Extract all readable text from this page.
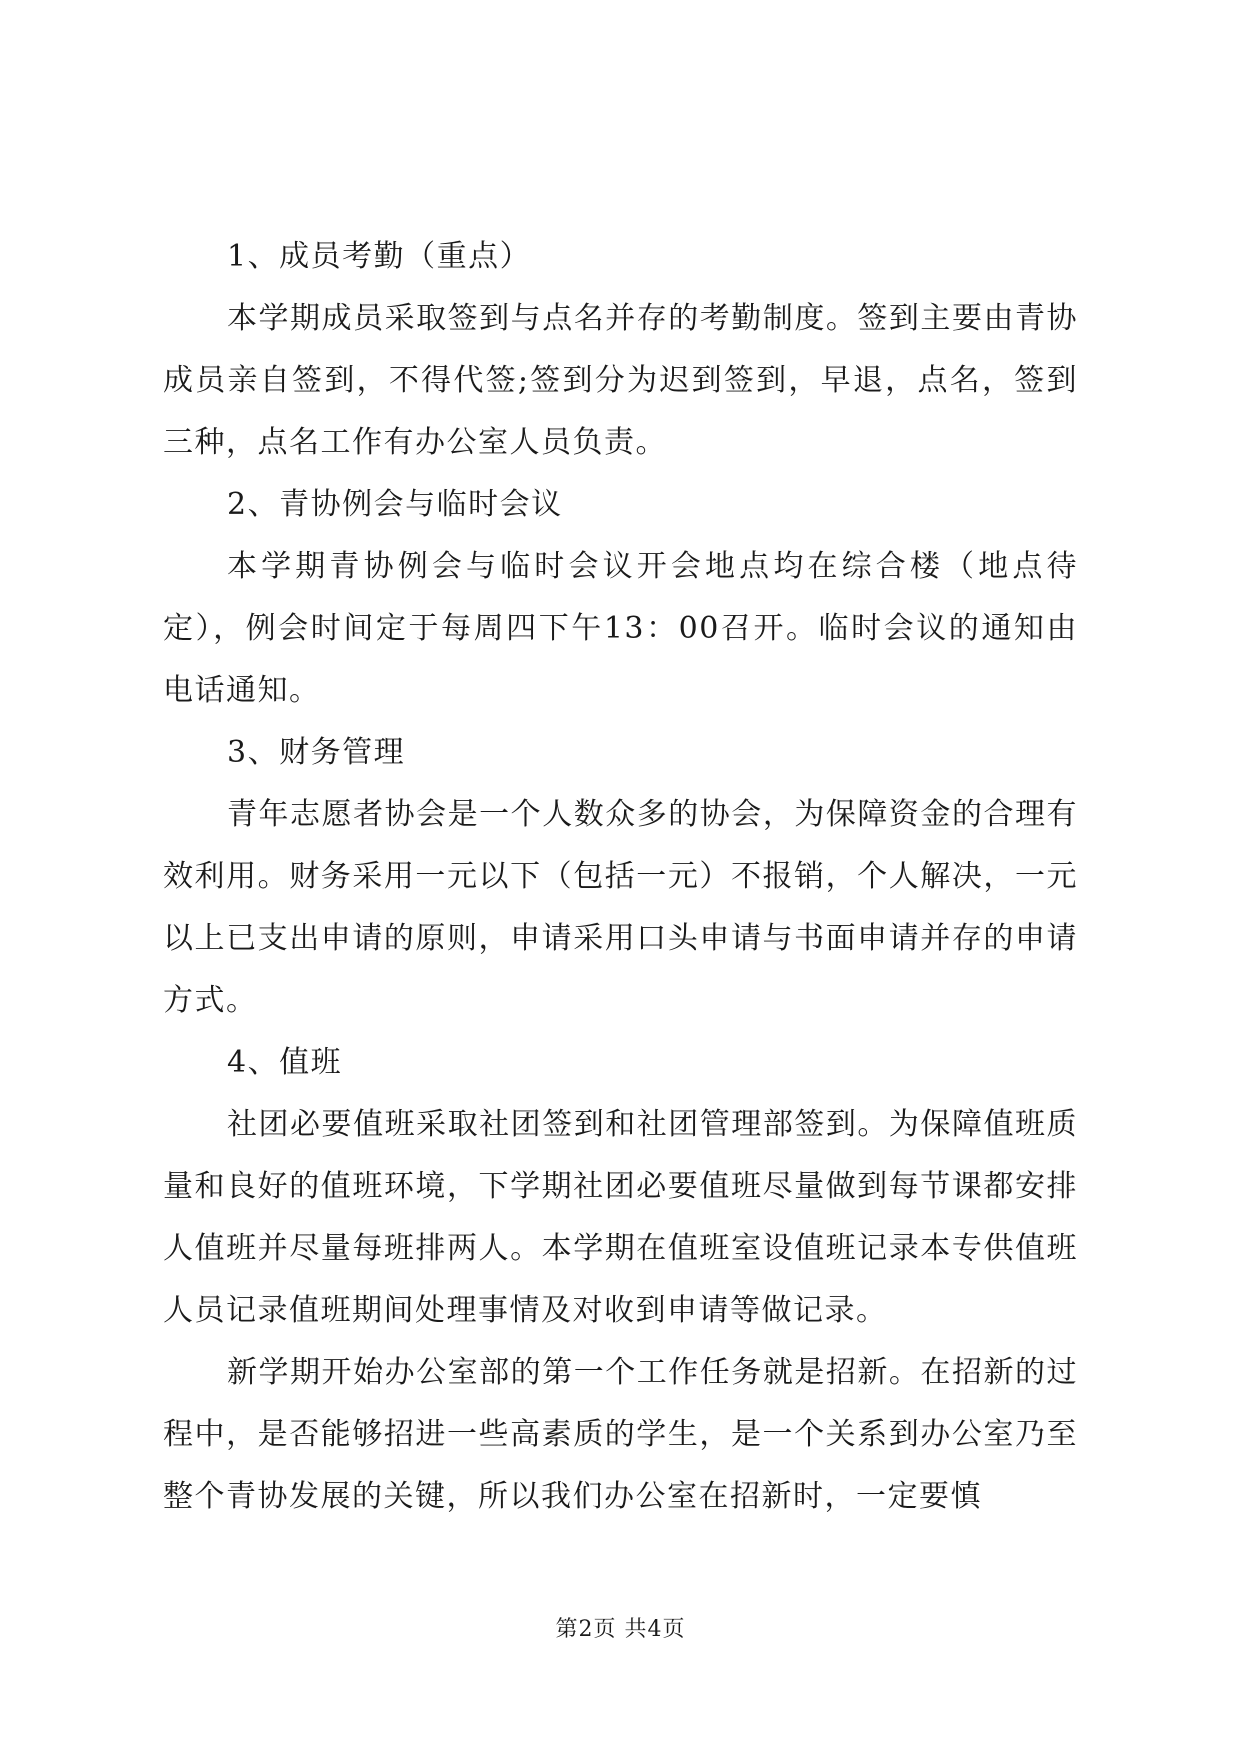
1、成员考勤（重点）

本学期成员采取签到与点名并存的考勤制度。签到主要由青协成员亲自签到，不得代签;签到分为迟到签到，早退，点名，签到三种，点名工作有办公室人员负责。

2、青协例会与临时会议

本学期青协例会与临时会议开会地点均在综合楼（地点待定），例会时间定于每周四下午13：00召开。临时会议的通知由电话通知。

3、财务管理

青年志愿者协会是一个人数众多的协会，为保障资金的合理有效利用。财务采用一元以下（包括一元）不报销，个人解决，一元以上已支出申请的原则，申请采用口头申请与书面申请并存的申请方式。

4、值班

社团必要值班采取社团签到和社团管理部签到。为保障值班质量和良好的值班环境，下学期社团必要值班尽量做到每节课都安排人值班并尽量每班排两人。本学期在值班室设值班记录本专供值班人员记录值班期间处理事情及对收到申请等做记录。

新学期开始办公室部的第一个工作任务就是招新。在招新的过程中，是否能够招进一些高素质的学生，是一个关系到办公室乃至整个青协发展的关键，所以我们办公室在招新时，一定要慎

第2页 共4页
